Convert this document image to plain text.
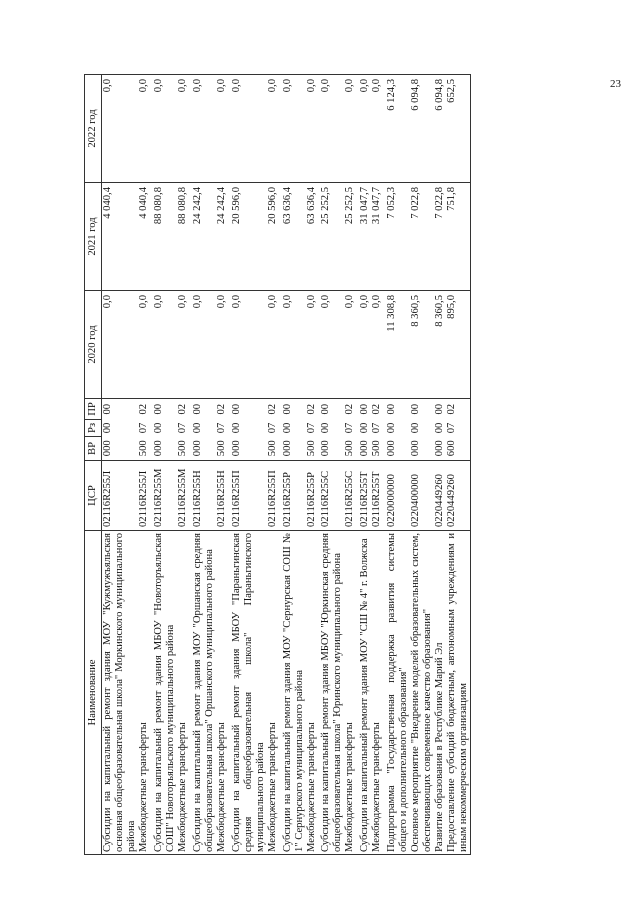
23
Наименование	ЦСР	ВР	Рз	ПР	2020 год	2021 год	2022 год
Субсидии на капитальный ремонт здания МОУ "Кужмужъяльская основная общеобразовательная школа" Моркинского муниципального района	02116R255Л	000	00	00	0,0	4 040,4	0,0
Межбюджетные трансферты	02116R255Л	500	07	02	0,0	4 040,4	0,0

Субсидии на капитальный ремонт здания МБОУ "Новоторъяльская СОШ" Новоторъяльского муниципального района	02116R255M	000	00	00	0,0	88 080,8	0,0
Межбюджетные трансферты	02116R255M	500	07	02	0,0	88 080,8	0,0

Субсидии на капитальный ремонт здания МОУ "Оршанская средняя общеобразовательная школа" Оршанского муниципального района	02116R255H	000	00	00	0,0	24 242,4	0,0
Межбюджетные трансферты	02116R255H	500	07	02	0,0	24 242,4	0,0

Субсидии на капитальный ремонт здания МБОУ "Параньгинская средняя общеобразовательная школа" Параньгинского муниципального района	02116R255П	000	00	00	0,0	20 596,0	0,0
Межбюджетные трансферты	02116R255П	500	07	02	0,0	20 596,0	0,0

Субсидии на капитальный ремонт здания МОУ "Сернурская СОШ № 1" Сернурского муниципального района	02116R255P	000	00	00	0,0	63 636,4	0,0
Межбюджетные трансферты	02116R255P	500	07	02	0,0	63 636,4	0,0

Субсидии на капитальный ремонт здания МБОУ "Юркинская средняя общеобразовательная школа" Юринского муниципального района	02116R255C	000	00	00	0,0	25 252,5	0,0
Межбюджетные трансферты	02116R255C	500	07	02	0,0	25 252,5	0,0

Субсидии на капитальный ремонт здания МОУ "СШ № 4" г. Волжска	02116R255T	000	00	00	0,0	31 047,7	0,0
Межбюджетные трансферты	02116R255T	500	07	02	0,0	31 047,7	0,0

Подпрограмма "Государственная поддержка развития системы общего и дополнительного образования"	0220000000	000	00	00	11 308,8	7 052,3	6 124,3
Основное мероприятие "Внедрение моделей образовательных систем, обеспечивающих современное качество образования"	0220400000	000	00	00	8 360,5	7 022,8	6 094,8
Развитие образования в Республике Марий Эл	0220449260	000	00	00	8 360,5	7 022,8	6 094,8
Предоставление субсидий бюджетным, автономным учреждениям и иным некоммерческим организациям	0220449260	600	07	02	895,0	751,8	652,5
